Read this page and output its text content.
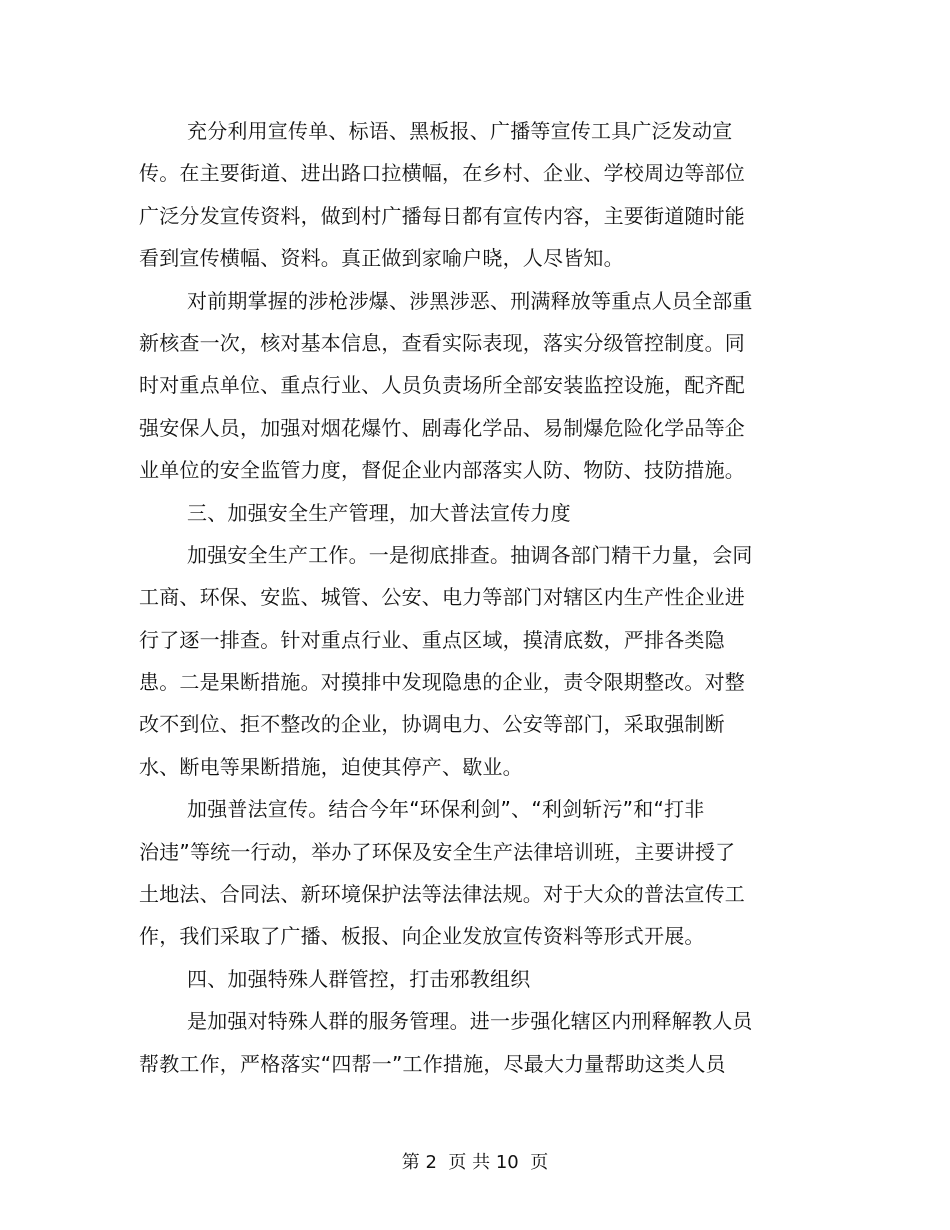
充分利用宣传单、标语、黑板报、广播等宣传工具广泛发动宣
传。在主要街道、进出路口拉横幅，在乡村、企业、学校周边等部位
广泛分发宣传资料，做到村广播每日都有宣传内容，主要街道随时能
看到宣传横幅、资料。真正做到家喻户晓，人尽皆知。
对前期掌握的涉枪涉爆、涉黑涉恶、刑满释放等重点人员全部重
新核查一次，核对基本信息，查看实际表现，落实分级管控制度。同
时对重点单位、重点行业、人员负责场所全部安装监控设施，配齐配
强安保人员，加强对烟花爆竹、剧毒化学品、易制爆危险化学品等企
业单位的安全监管力度，督促企业内部落实人防、物防、技防措施。
三、加强安全生产管理，加大普法宣传力度
加强安全生产工作。一是彻底排查。抽调各部门精干力量，会同
工商、环保、安监、城管、公安、电力等部门对辖区内生产性企业进
行了逐一排查。针对重点行业、重点区域，摸清底数，严排各类隐
患。二是果断措施。对摸排中发现隐患的企业，责令限期整改。对整
改不到位、拒不整改的企业，协调电力、公安等部门，采取强制断
水、断电等果断措施，迫使其停产、歇业。
加强普法宣传。结合今年“环保利剑”、“利剑斩污”和“打非
治违”等统一行动，举办了环保及安全生产法律培训班，主要讲授了
土地法、合同法、新环境保护法等法律法规。对于大众的普法宣传工
作，我们采取了广播、板报、向企业发放宣传资料等形式开展。
四、加强特殊人群管控，打击邪教组织
是加强对特殊人群的服务管理。进一步强化辖区内刑释解教人员
帮教工作，严格落实“四帮一”工作措施，尽最大力量帮助这类人员
第 2  页 共 10  页
